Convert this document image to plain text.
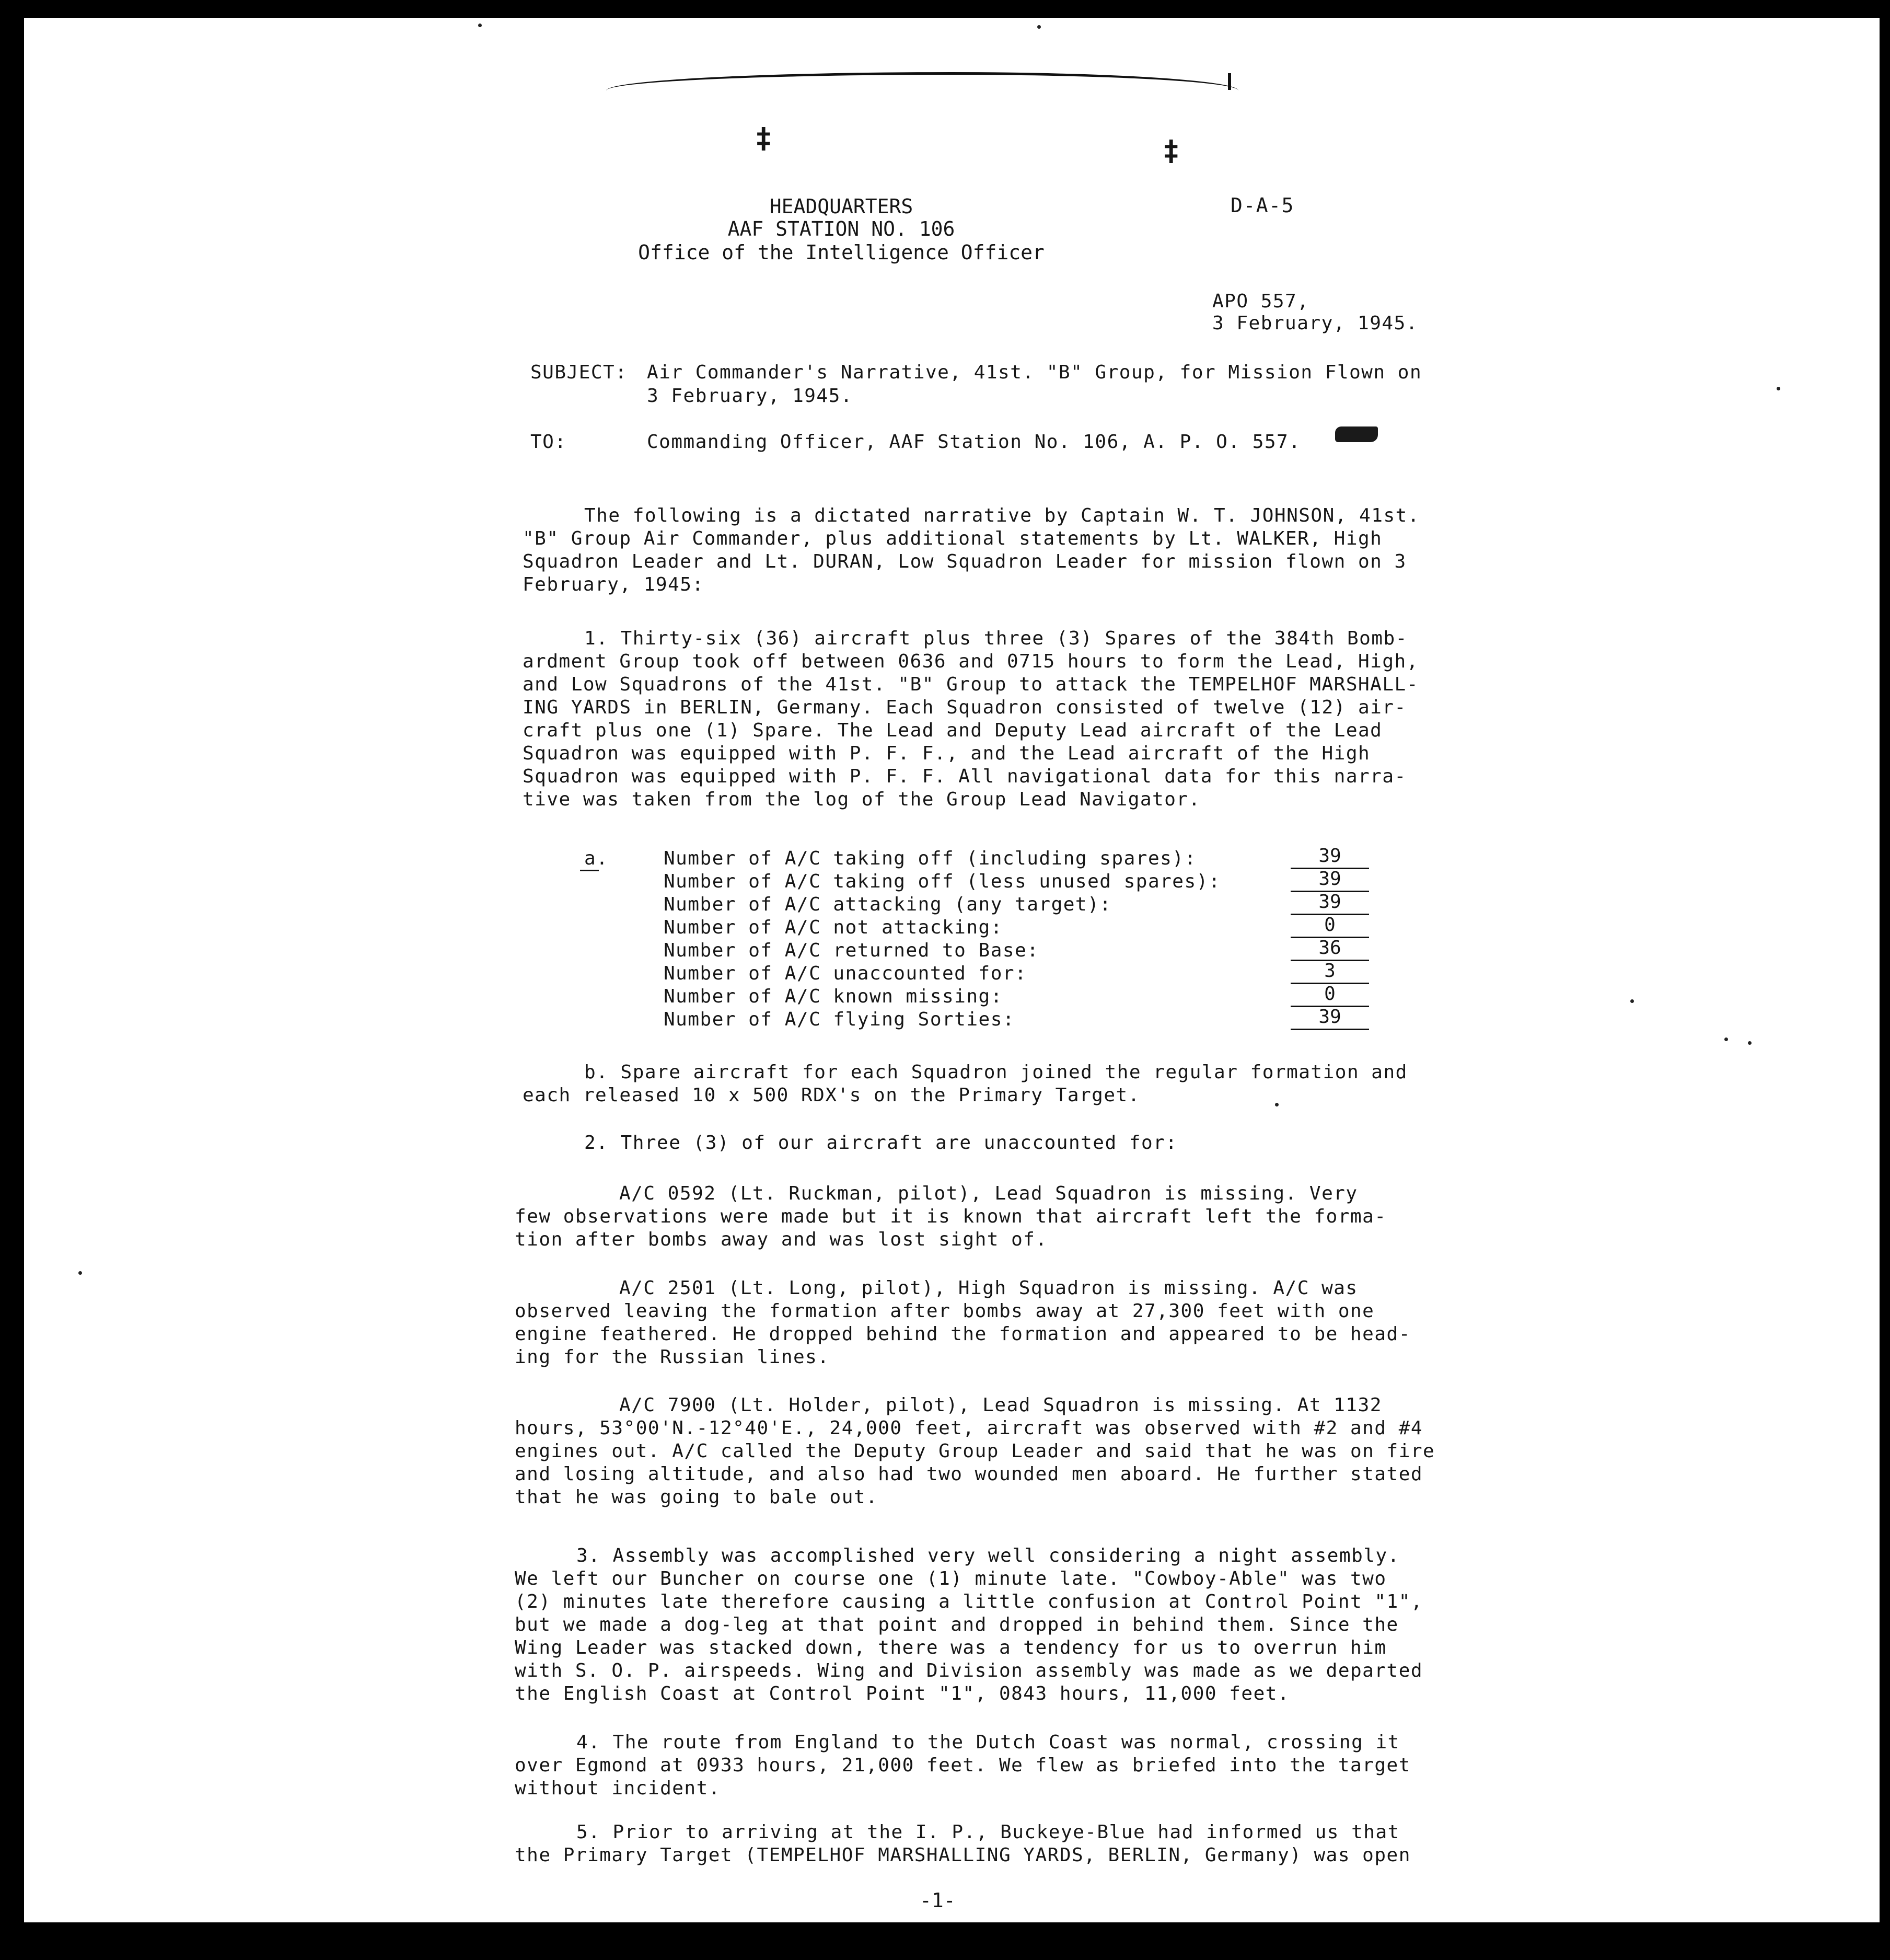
‡	‡
HEADQUARTERS
AAF STATION NO. 106
Office of the Intelligence Officer
D-A-5
APO 557,
3 February, 1945.
SUBJECT: Air Commander's Narrative, 41st. "B" Group, for Mission Flown on
3 February, 1945.
TO:	Commanding Officer, AAF Station No. 106, A. P. O. 557.
The following is a dictated narrative by Captain W. T. JOHNSON, 41st.
"B" Group Air Commander, plus additional statements by Lt. WALKER, High
Squadron Leader and Lt. DURAN, Low Squadron Leader for mission flown on 3
February, 1945:
1. Thirty-six (36) aircraft plus three (3) Spares of the 384th Bomb-
ardment Group took off between 0636 and 0715 hours to form the Lead, High,
and Low Squadrons of the 41st. "B" Group to attack the TEMPELHOF MARSHALL-
ING YARDS in BERLIN, Germany. Each Squadron consisted of twelve (12) air-
craft plus one (1) Spare. The Lead and Deputy Lead aircraft of the Lead
Squadron was equipped with P. F. F., and the Lead aircraft of the High
Squadron was equipped with P. F. F. All navigational data for this narra-
tive was taken from the log of the Group Lead Navigator.
a.	Number of A/C taking off (including spares):	39
Number of A/C taking off (less unused spares):	39
Number of A/C attacking (any target):	39
Number of A/C not attacking:	0
Number of A/C returned to Base:	36
Number of A/C unaccounted for:	3
Number of A/C known missing:	0
Number of A/C flying Sorties:	39
b. Spare aircraft for each Squadron joined the regular formation and
each released 10 x 500 RDX's on the Primary Target.
2. Three (3) of our aircraft are unaccounted for:
A/C 0592 (Lt. Ruckman, pilot), Lead Squadron is missing. Very
few observations were made but it is known that aircraft left the forma-
tion after bombs away and was lost sight of.
A/C 2501 (Lt. Long, pilot), High Squadron is missing. A/C was
observed leaving the formation after bombs away at 27,300 feet with one
engine feathered. He dropped behind the formation and appeared to be head-
ing for the Russian lines.
A/C 7900 (Lt. Holder, pilot), Lead Squadron is missing. At 1132
hours, 53°00'N.-12°40'E., 24,000 feet, aircraft was observed with #2 and #4
engines out. A/C called the Deputy Group Leader and said that he was on fire
and losing altitude, and also had two wounded men aboard. He further stated
that he was going to bale out.
3. Assembly was accomplished very well considering a night assembly.
We left our Buncher on course one (1) minute late. "Cowboy-Able" was two
(2) minutes late therefore causing a little confusion at Control Point "1",
but we made a dog-leg at that point and dropped in behind them. Since the
Wing Leader was stacked down, there was a tendency for us to overrun him
with S. O. P. airspeeds. Wing and Division assembly was made as we departed
the English Coast at Control Point "1", 0843 hours, 11,000 feet.
4. The route from England to the Dutch Coast was normal, crossing it
over Egmond at 0933 hours, 21,000 feet. We flew as briefed into the target
without incident.
5. Prior to arriving at the I. P., Buckeye-Blue had informed us that
the Primary Target (TEMPELHOF MARSHALLING YARDS, BERLIN, Germany) was open
-1-
